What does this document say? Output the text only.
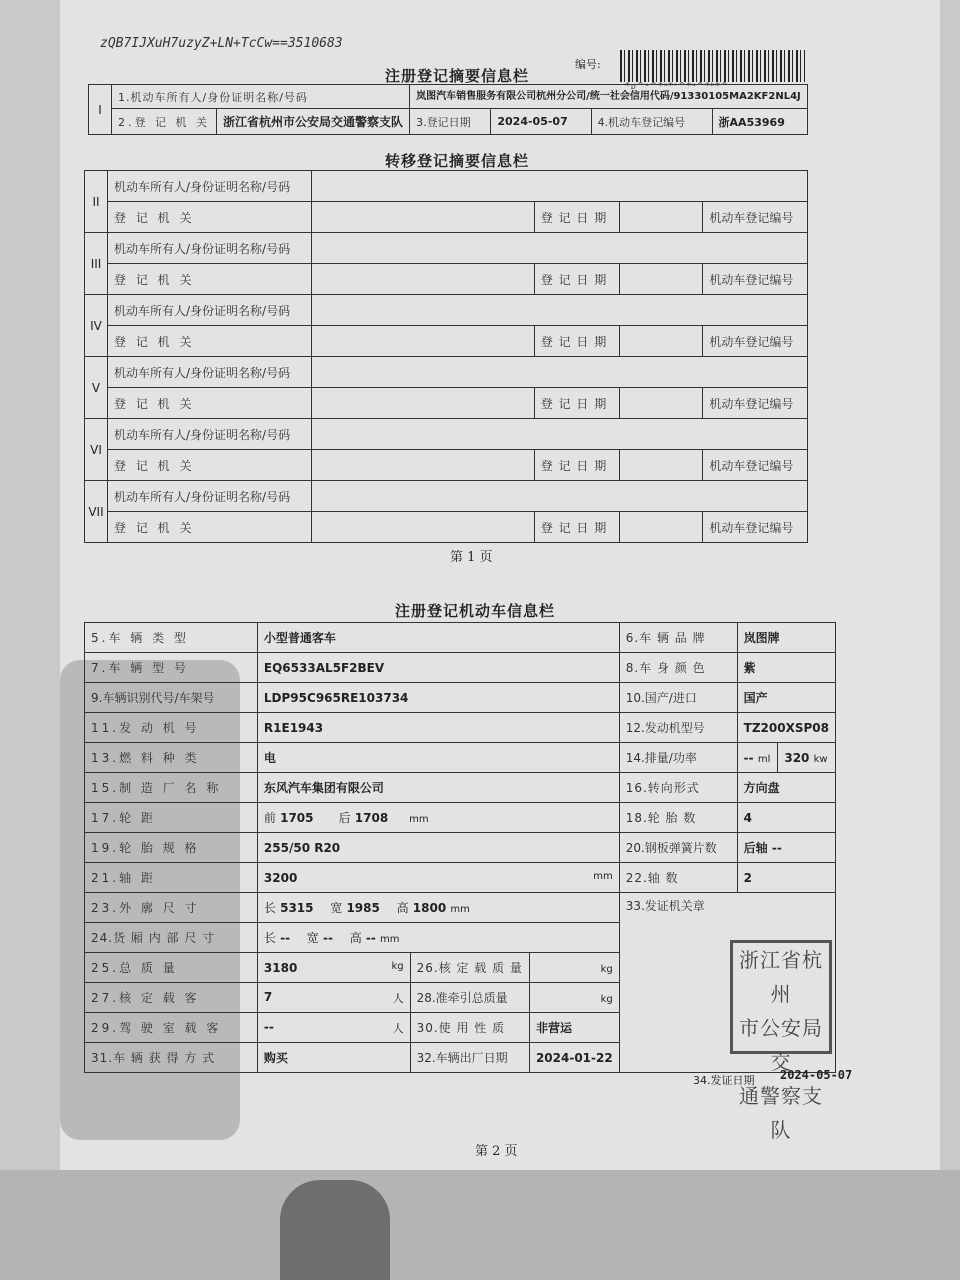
zQB7IJXuH7uzyZ+LN+TcCw==3510683
编号:
*ᴅ^ᵃ^*ᵘ*ᶜ^*ᵃ^*ᵇ*^
注册登记摘要信息栏
I	1.机动车所有人/身份证明名称/号码		岚图汽车销售服务有限公司杭州分公司/统一社会信用代码/91330105MA2KF2NL4J			
	2.登 记 机 关	浙江省杭州市公安局交通警察支队	3.登记日期	2024-05-07	4.机动车登记编号	浙AA53969
转移登记摘要信息栏
II	机动车所有人/身份证明名称/号码				
	登 记 机 关		登 记 日 期		机动车登记编号
III	机动车所有人/身份证明名称/号码				
	登 记 机 关		登 记 日 期		机动车登记编号
IV	机动车所有人/身份证明名称/号码				
	登 记 机 关		登 记 日 期		机动车登记编号
V	机动车所有人/身份证明名称/号码				
	登 记 机 关		登 记 日 期		机动车登记编号
VI	机动车所有人/身份证明名称/号码				
	登 记 机 关		登 记 日 期		机动车登记编号
VII	机动车所有人/身份证明名称/号码				
	登 记 机 关		登 记 日 期		机动车登记编号
第 1 页
注册登记机动车信息栏
5.车 辆 类 型	小型普通客车			6.车 辆 品 牌	岚图牌	
7.车 辆 型 号	EQ6533AL5F2BEV			8.车 身 颜 色	紫	
9.车辆识别代号/车架号	LDP95C965RE103734			10.国产/进口	国产	
11.发 动 机 号	R1E1943			12.发动机型号	TZ200XSP08	
13.燃 料 种 类	电			14.排量/功率	-- ml	320 kw
15.制 造 厂 名 称	东风汽车集团有限公司			16.转向形式	方向盘	
17.轮 距	前 1705 后 1708 mm			18.轮 胎 数	4	
19.轮 胎 规 格	255/50 R20			20.钢板弹簧片数	后轴 --	
21.轴 距	3200 mm			22.轴 数	2	
23.外 廓 尺 寸	长 5315 宽 1985 高 1800 mm			33.发证机关章		
24.货 厢 内 部 尺 寸	长 -- 宽 -- 高 -- mm					
25.总 质 量	3180 kg	26.核 定 载 质 量	kg			
27.核 定 载 客	7 人	28.准牵引总质量	kg			
29.驾 驶 室 载 客	-- 人	30.使 用 性 质	非营运			
31.车 辆 获 得 方 式	购买	32.车辆出厂日期	2024-01-22			
浙江省杭州
市公安局交
通警察支队
34.发证日期 2024-05-07
第 2 页
